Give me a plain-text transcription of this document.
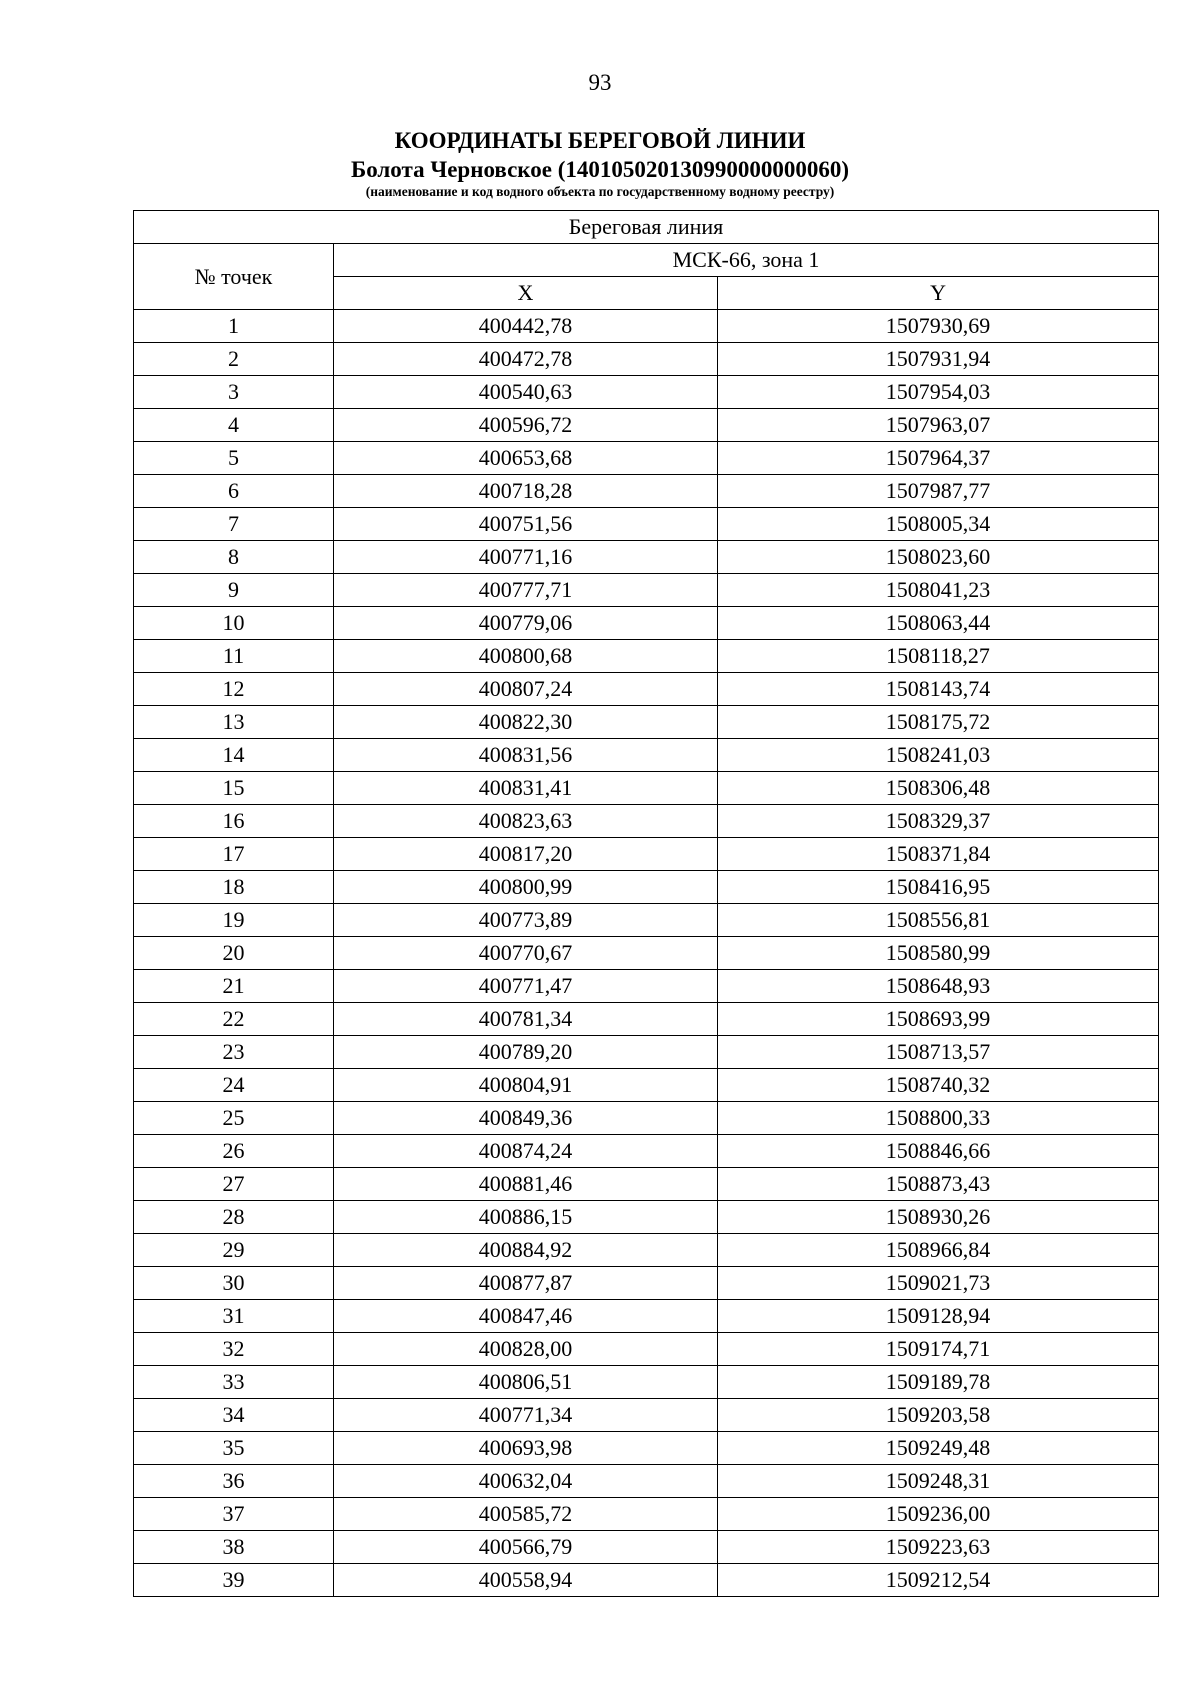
93
КООРДИНАТЫ БЕРЕГОВОЙ ЛИНИИ
Болота Черновское (140105020130990000000060)
(наименование и код водного объекта по государственному водному реестру)
Береговая линия		
№ точек	МСК-66, зона 1	
	X	Y
1	400442,78	1507930,69
2	400472,78	1507931,94
3	400540,63	1507954,03
4	400596,72	1507963,07
5	400653,68	1507964,37
6	400718,28	1507987,77
7	400751,56	1508005,34
8	400771,16	1508023,60
9	400777,71	1508041,23
10	400779,06	1508063,44
11	400800,68	1508118,27
12	400807,24	1508143,74
13	400822,30	1508175,72
14	400831,56	1508241,03
15	400831,41	1508306,48
16	400823,63	1508329,37
17	400817,20	1508371,84
18	400800,99	1508416,95
19	400773,89	1508556,81
20	400770,67	1508580,99
21	400771,47	1508648,93
22	400781,34	1508693,99
23	400789,20	1508713,57
24	400804,91	1508740,32
25	400849,36	1508800,33
26	400874,24	1508846,66
27	400881,46	1508873,43
28	400886,15	1508930,26
29	400884,92	1508966,84
30	400877,87	1509021,73
31	400847,46	1509128,94
32	400828,00	1509174,71
33	400806,51	1509189,78
34	400771,34	1509203,58
35	400693,98	1509249,48
36	400632,04	1509248,31
37	400585,72	1509236,00
38	400566,79	1509223,63
39	400558,94	1509212,54
